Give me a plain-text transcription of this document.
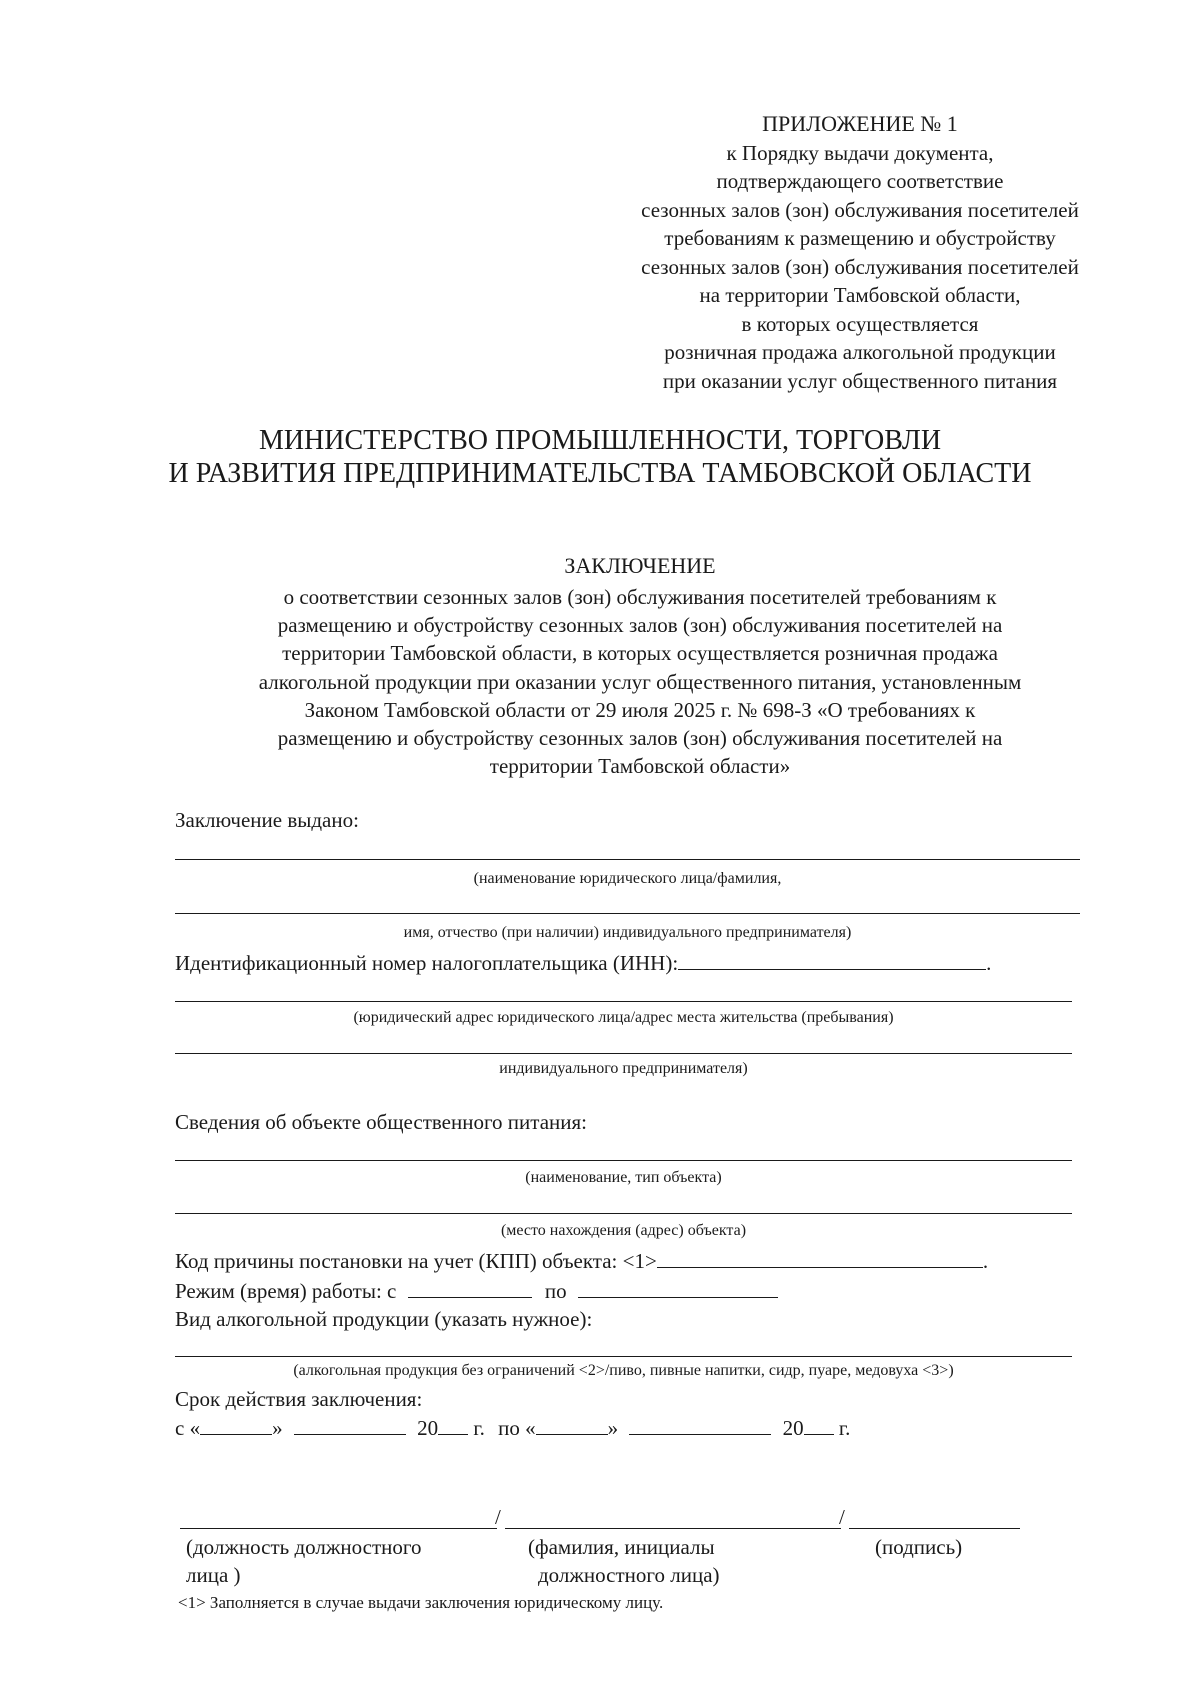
ПРИЛОЖЕНИЕ № 1
к Порядку выдачи документа,
подтверждающего соответствие
сезонных залов (зон) обслуживания посетителей
требованиям к размещению и обустройству
сезонных залов (зон) обслуживания посетителей
на территории Тамбовской области,
в которых осуществляется
розничная продажа алкогольной продукции
при оказании услуг общественного питания
МИНИСТЕРСТВО ПРОМЫШЛЕННОСТИ, ТОРГОВЛИ
И РАЗВИТИЯ ПРЕДПРИНИМАТЕЛЬСТВА ТАМБОВСКОЙ ОБЛАСТИ
ЗАКЛЮЧЕНИЕ
о соответствии сезонных залов (зон) обслуживания посетителей требованиям к
размещению и обустройству сезонных залов (зон) обслуживания посетителей на
территории Тамбовской области, в которых осуществляется розничная продажа
алкогольной продукции при оказании услуг общественного питания, установленным
Законом Тамбовской области от 29 июля 2025 г. № 698-З «О требованиях к
размещению и обустройству сезонных залов (зон) обслуживания посетителей на
территории Тамбовской области»
Заключение выдано:
(наименование юридического лица/фамилия,
имя, отчество (при наличии) индивидуального предпринимателя)
Идентификационный номер налогоплательщика (ИНН):	.
(юридический адрес юридического лица/адрес места жительства (пребывания)
индивидуального предпринимателя)
Сведения об объекте общественного питания:
(наименование, тип объекта)
(место нахождения (адрес) объекта)
Код причины постановки на учет (КПП) объекта: <1>	.
Режим (время) работы: с	по
Вид алкогольной продукции (указать нужное):
(алкогольная продукция без ограничений <2>/пиво, пивные напитки, сидр, пуаре, медовуха <3>)
Срок действия заключения:
с «	»	20 г. по «	»	20 г.
/	/
(должность должностного
лица )
(фамилия, инициалы
должностного лица)
(подпись)
<1> Заполняется в случае выдачи заключения юридическому лицу.
